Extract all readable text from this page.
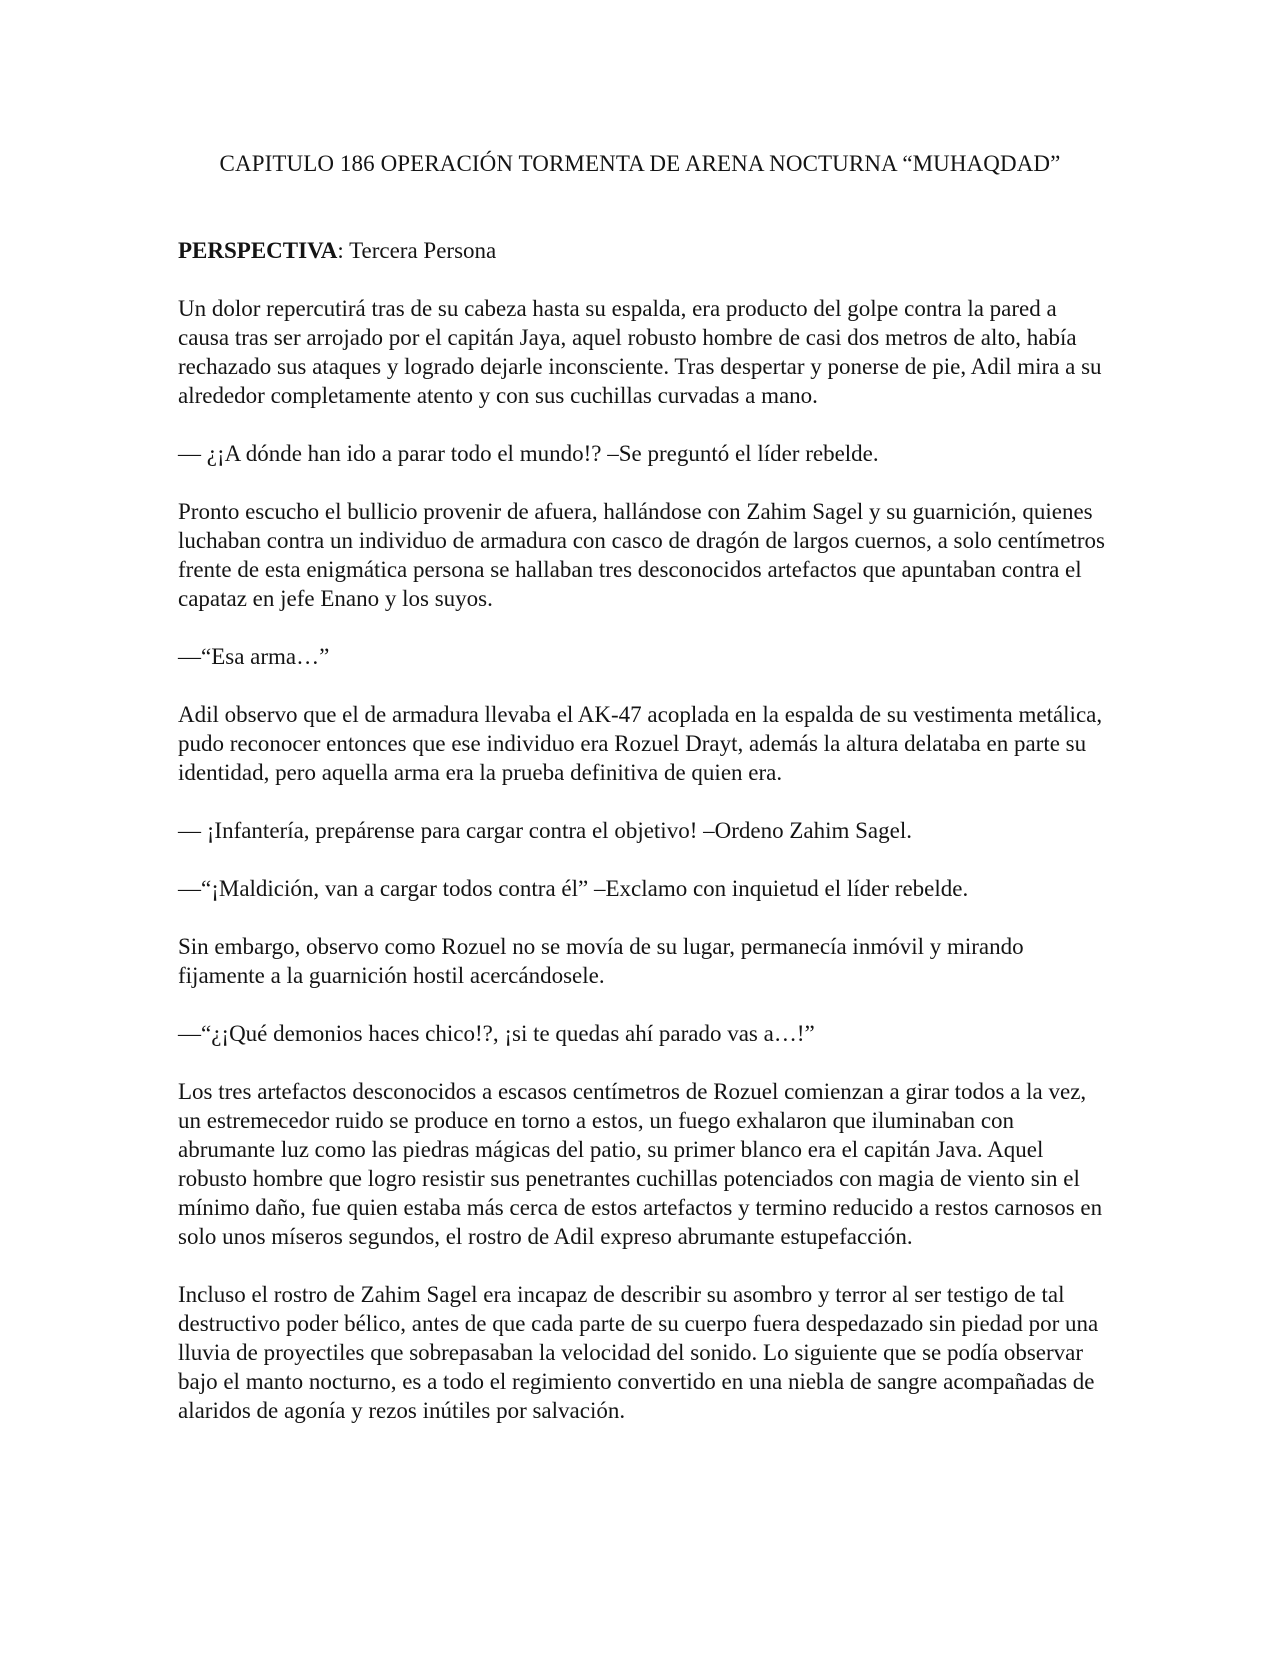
CAPITULO 186 OPERACIÓN TORMENTA DE ARENA NOCTURNA “MUHAQDAD”

PERSPECTIVA: Tercera Persona

Un dolor repercutirá tras de su cabeza hasta su espalda, era producto del golpe contra la pared a causa tras ser arrojado por el capitán Jaya, aquel robusto hombre de casi dos metros de alto, había rechazado sus ataques y logrado dejarle inconsciente. Tras despertar y ponerse de pie, Adil mira a su alrededor completamente atento y con sus cuchillas curvadas a mano.

— ¿¡A dónde han ido a parar todo el mundo!? –Se preguntó el líder rebelde.

Pronto escucho el bullicio provenir de afuera, hallándose con Zahim Sagel y su guarnición, quienes luchaban contra un individuo de armadura con casco de dragón de largos cuernos, a solo centímetros frente de esta enigmática persona se hallaban tres desconocidos artefactos que apuntaban contra el capataz en jefe Enano y los suyos.

—“Esa arma…”

Adil observo que el de armadura llevaba el AK-47 acoplada en la espalda de su vestimenta metálica, pudo reconocer entonces que ese individuo era Rozuel Drayt, además la altura delataba en parte su identidad, pero aquella arma era la prueba definitiva de quien era.

— ¡Infantería, prepárense para cargar contra el objetivo! –Ordeno Zahim Sagel.

—“¡Maldición, van a cargar todos contra él” –Exclamo con inquietud el líder rebelde.

Sin embargo, observo como Rozuel no se movía de su lugar, permanecía inmóvil y mirando fijamente a la guarnición hostil acercándosele.

—“¿¡Qué demonios haces chico!?, ¡si te quedas ahí parado vas a…!”

Los tres artefactos desconocidos a escasos centímetros de Rozuel comienzan a girar todos a la vez, un estremecedor ruido se produce en torno a estos, un fuego exhalaron que iluminaban con abrumante luz como las piedras mágicas del patio, su primer blanco era el capitán Java. Aquel robusto hombre que logro resistir sus penetrantes cuchillas potenciados con magia de viento sin el mínimo daño, fue quien estaba más cerca de estos artefactos y termino reducido a restos carnosos en solo unos míseros segundos, el rostro de Adil expreso abrumante estupefacción.

Incluso el rostro de Zahim Sagel era incapaz de describir su asombro y terror al ser testigo de tal destructivo poder bélico, antes de que cada parte de su cuerpo fuera despedazado sin piedad por una lluvia de proyectiles que sobrepasaban la velocidad del sonido. Lo siguiente que se podía observar bajo el manto nocturno, es a todo el regimiento convertido en una niebla de sangre acompañadas de alaridos de agonía y rezos inútiles por salvación.
